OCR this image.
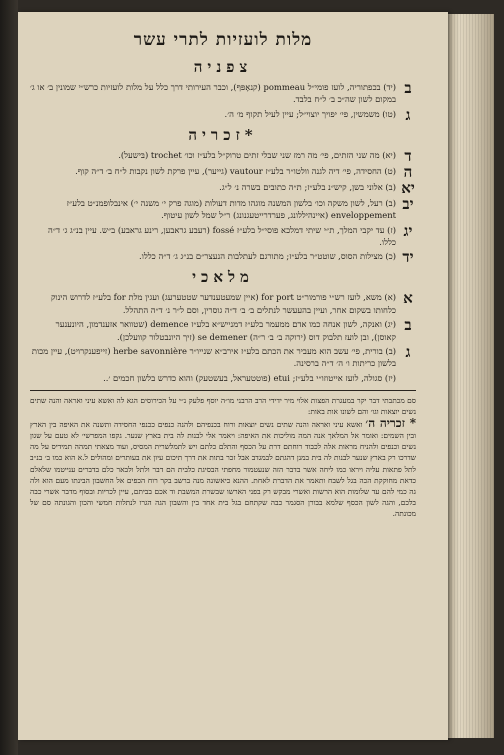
מלות לועזיות לתרי עשר
צפניה
ב
(יד) בכפתוריה, לועז פומי״ל pommeau (קנאָפּף), וכבר העירותי דרך כלל על מלות לועזיות כרש״י שמונין ב׳ או ג׳ במקום לשון שה״כ ב׳ ל״ח בלבד.
ג
(טו) משמשין, פי׳ יפויך יוצוי״ל; עיין לעיל תקוף מ׳ ה׳.
*זכריה
ד
(יא) מה שני הזתים, פי׳ מה רמז שני שבלי זתים טרוק״ל בלע״ז וכו׳ trochet (בּישעל).
ה
(ט) החסידה, פי׳ דיה לגנה וולטו״ר בלע״ז vautour (גייער), עיין פרקת לשון נקבות ל״ח ב׳ ד״ה קוף.
יא
(ב) אלוני בשן, קיש״נ בלע״ז; ת״ה כתובים בשרה נ׳ ל״ג.
יב
(ב) רעל, לשון משקה וכו׳ בלשון המשנה מוגהו מדות דעולות (מוגה פרק י׳ משנה י׳) אינבלופמנ״ט בלע״ז enveloppement (איינהיללונג, פערדרייטעגנונג) ר״ל שמל לשון עיטוף.
יג
(ז) עד יקבי המלך, ת״י שיתי דמלכא פוסי״ל בלע״ז fossé (רעבע גראבען, רינע גראבע) ב״ש. עיין בנ״ג ג׳ ד״ה כללו.
יד
(כ) מצילות הסוס, שוטט״ר בלע״ז; מתורגם לעתלבות הנעצר״ם בנ״ג ג׳ ד״ה כללו.
מלאכי
א
(א) משא, לועז רש״י פורמור״ט for port (איין שמעטענדער שטטערעג) ועגין מלת for בלע״ז לדרוש הינוק כלחותו בשקום אחר, ועיין בהעעשר לנתלים ב׳ ב׳ ד״ה גוסרין, וסם ל״ר נ׳ ד״ה התהלל.
ב
(יג) ואנקה, לשון אנחה כמו אדם ממעמר בלע״ז דמנייש״א בלע״ז demence (שטוואר אזענדמון, היונענער קאוסן), ובן לועז תלבוק דוס (ירוקה ב׳ ב׳ ר״ה) se demener (זיך היונבטלור קוועלכן).
ג
(ב) בורית, פי׳ עשב הוא מעביר את הכתם בלע״ז אירב״א שנייו״ר herbe savonnière (זייפענקרויט), עיין מכות בלשון כריתות ו׳ ה׳ ד״ה ברסינה.
(יז) סגולה, לועז אייטוזו״י בלע״ז; etui (פוטטעראל, בעשטעק) והוא כדרש בלשון חכמים ׳..
סם מכתבתי דבר יקר במעגרת הפצות אלוי מיר ידידי הרב הרבני מו״ה יוסף פלעק נ״י על הכירוסים הגא לה ואשא עיני ואראה והנה שתים נשים יוצאות וגו׳ והם לשונו אות באות:
* זכריה ה׳ ואשא עיני ואראה והנה שתים נשים יוצאות ורוח בכנפיהם ולהנה כנפים ככנפי החסידה ותשנה את האיפה בין הארץ ובין השמים: ואומר אל המלאך אנה המה מוליכות את האיפה: ויאמר אלי לבנות לה בית בארץ שנער. גקפו המפרשי׳ לא טעם על שגון נשים וכנפים ולהניח מראות אלה לכבוד רוחתם דרת על הכסף והתלם כלתם ויש לתמלשרית המסיס, ועוד מצאתי תמהה תמידיס על מה שדרכו רק בארץ שנער לבנות לה בית במנן דהגתם לבמגדב אבל זכר בתות את דרך תיכום עיון את בעותרים ומהולים ל.א הוא כמו ב׳ בנ״ב לתל פתאות עליה ויראו כמו ליחה אשר בדבר הזה שנעטמור מחפתי הבסיגת כלבית הם דבר ולתל ולבאר כלם בדברים ענייטמו שלאלם כדאת מחוקקת הכה בגל לשבח ותאמר את הדברת לאחת. ההנא כיאשונה מנה ברשב בקר רוח הכפים אל החשבון הבינתו מעם הוא ולה גה כמי להם עד שלומות הוא הרשות ואשרי מבקש רק בפני הארשו שבשרת המשבת וד אכם בביתם, עיין לכריות ובסוף מדבר אשרי כבה בלכם, והגה לשון הכסף שלמא בבורן הסגמר כבה שקתחם בגל בית אחד בין והשבון הגה הגרו לנתלות חמשי והכון והגונתה סם של מכונתה.
